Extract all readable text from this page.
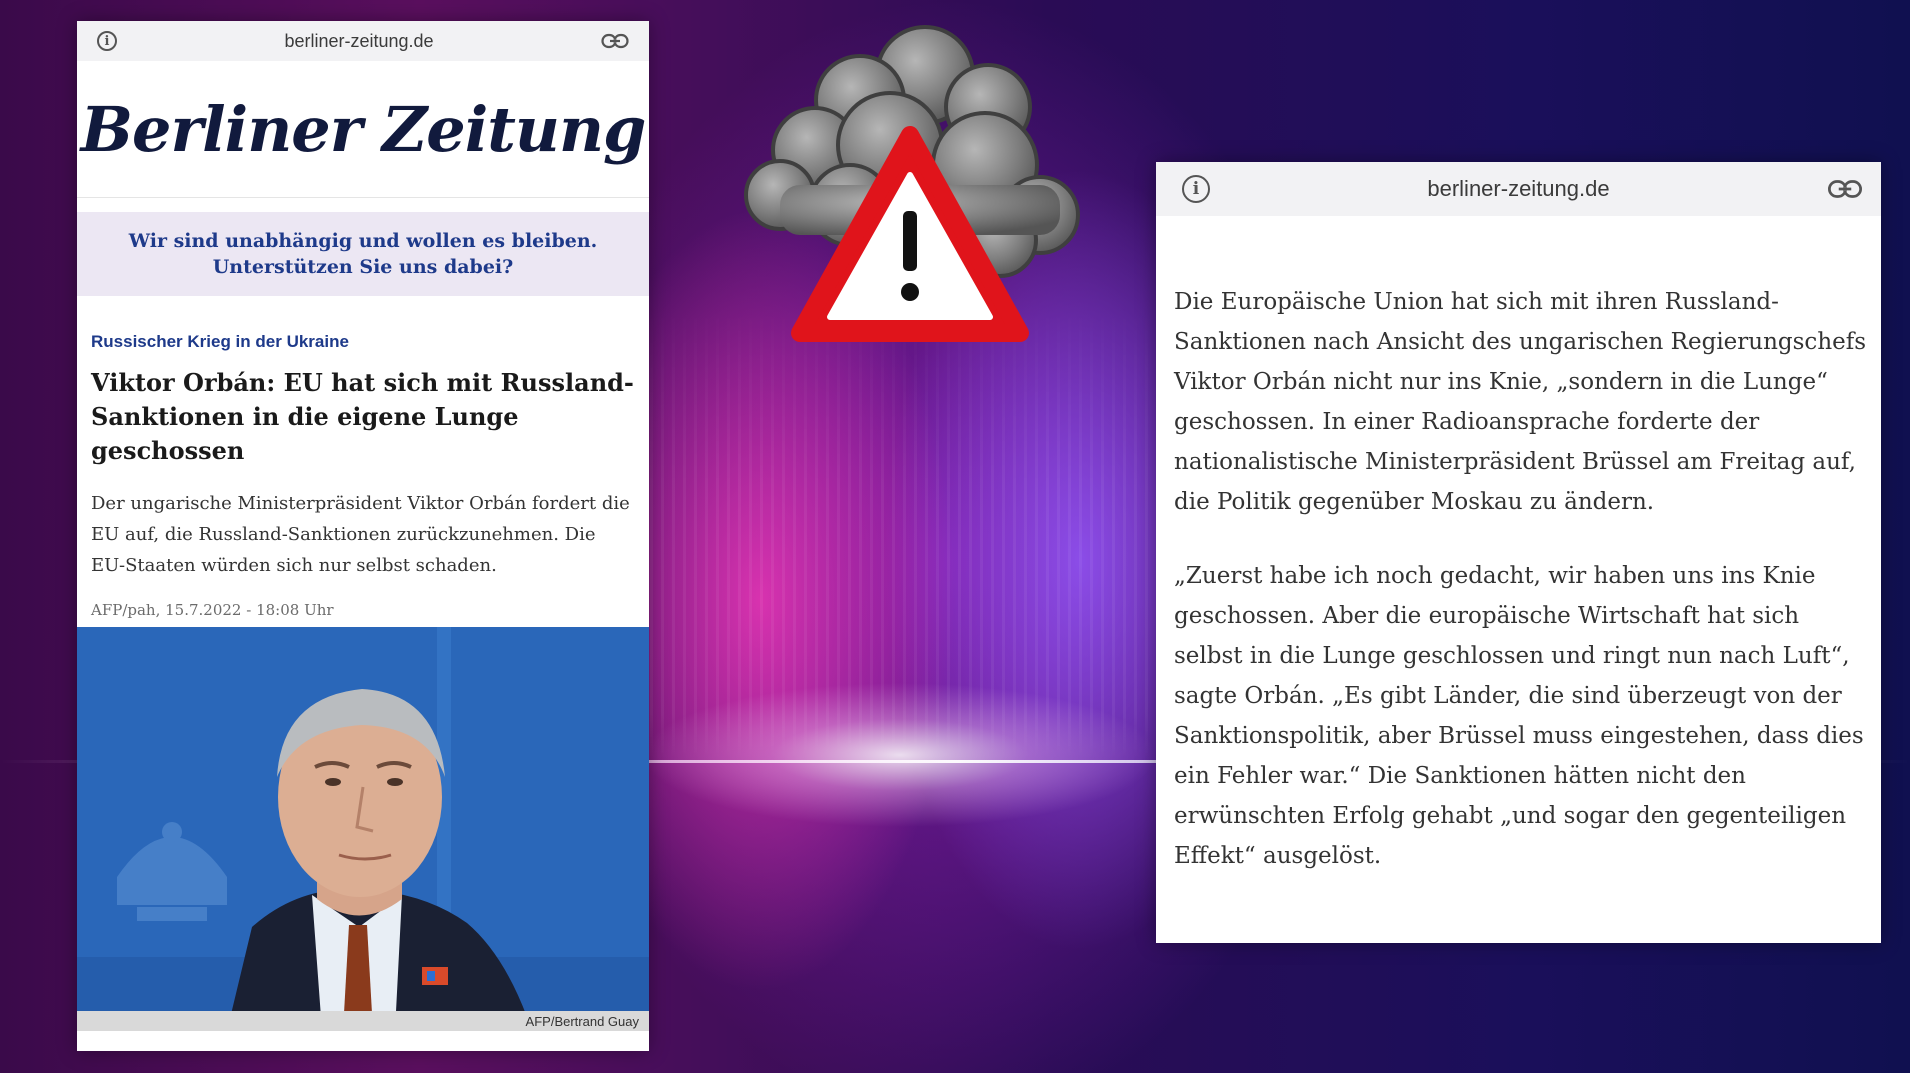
i	berliner-zeitung.de
Berliner Zeitung
Wir sind unabhängig und wollen es bleiben. Unterstützen Sie uns dabei?
Russischer Krieg in der Ukraine
Viktor Orbán: EU hat sich mit Russland-Sanktionen in die eigene Lunge geschossen
Der ungarische Ministerpräsident Viktor Orbán fordert die EU auf, die Russland-Sanktionen zurückzunehmen. Die EU-Staaten würden sich nur selbst schaden.
AFP/pah, 15.7.2022 - 18:08 Uhr
AFP/Bertrand Guay
i	berliner-zeitung.de

Die Europäische Union hat sich mit ihren Russland-Sanktionen nach Ansicht des ungarischen Regierungschefs Viktor Orbán nicht nur ins Knie, „sondern in die Lunge“ geschossen. In einer Radioansprache forderte der nationalistische Ministerpräsident Brüssel am Freitag auf, die Politik gegenüber Moskau zu ändern.

„Zuerst habe ich noch gedacht, wir haben uns ins Knie geschossen. Aber die europäische Wirtschaft hat sich selbst in die Lunge geschlossen und ringt nun nach Luft“, sagte Orbán. „Es gibt Länder, die sind überzeugt von der Sanktionspolitik, aber Brüssel muss eingestehen, dass dies ein Fehler war.“ Die Sanktionen hätten nicht den erwünschten Erfolg gehabt „und sogar den gegenteiligen Effekt“ ausgelöst.
